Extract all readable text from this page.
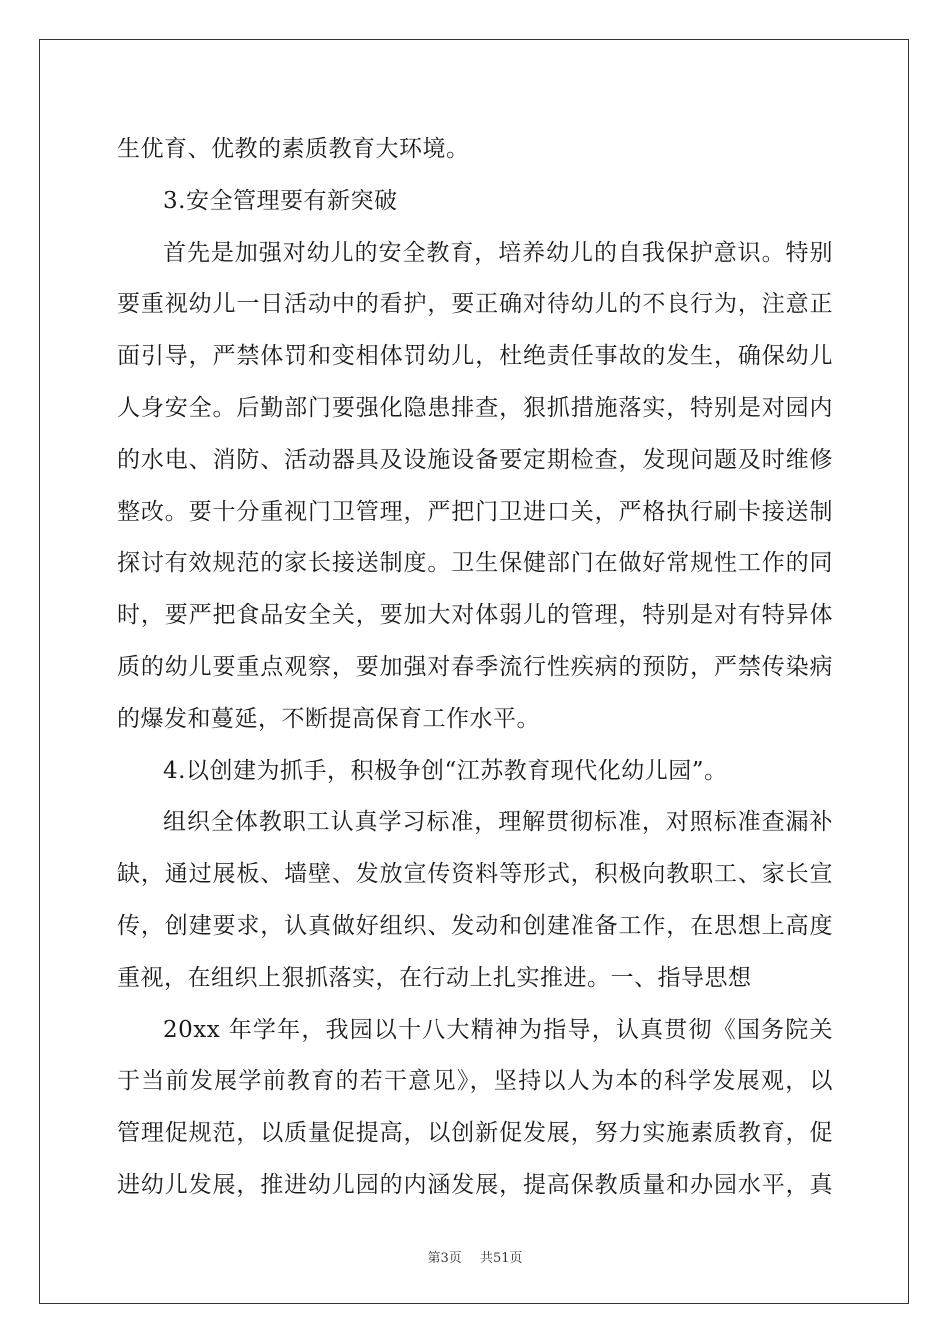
生优育、优教的素质教育大环境。
3.安全管理要有新突破
首先是加强对幼儿的安全教育，培养幼儿的自我保护意识。特别
要重视幼儿一日活动中的看护，要正确对待幼儿的不良行为，注意正
面引导，严禁体罚和变相体罚幼儿，杜绝责任事故的发生，确保幼儿
人身安全。后勤部门要强化隐患排查，狠抓措施落实，特别是对园内
的水电、消防、活动器具及设施设备要定期检查，发现问题及时维修
整改。要十分重视门卫管理，严把门卫进口关，严格执行刷卡接送制
探讨有效规范的家长接送制度。卫生保健部门在做好常规性工作的同
时，要严把食品安全关，要加大对体弱儿的管理，特别是对有特异体
质的幼儿要重点观察，要加强对春季流行性疾病的预防，严禁传染病
的爆发和蔓延，不断提高保育工作水平。
4.以创建为抓手，积极争创“江苏教育现代化幼儿园”。
组织全体教职工认真学习标准，理解贯彻标准，对照标准查漏补
缺，通过展板、墙壁、发放宣传资料等形式，积极向教职工、家长宣
传，创建要求，认真做好组织、发动和创建准备工作，在思想上高度
重视，在组织上狠抓落实，在行动上扎实推进。一、指导思想
20xx 年学年，我园以十八大精神为指导，认真贯彻《国务院关
于当前发展学前教育的若干意见》，坚持以人为本的科学发展观，以
管理促规范，以质量促提高，以创新促发展，努力实施素质教育，促
进幼儿发展，推进幼儿园的内涵发展，提高保教质量和办园水平，真
第3页 共51页
